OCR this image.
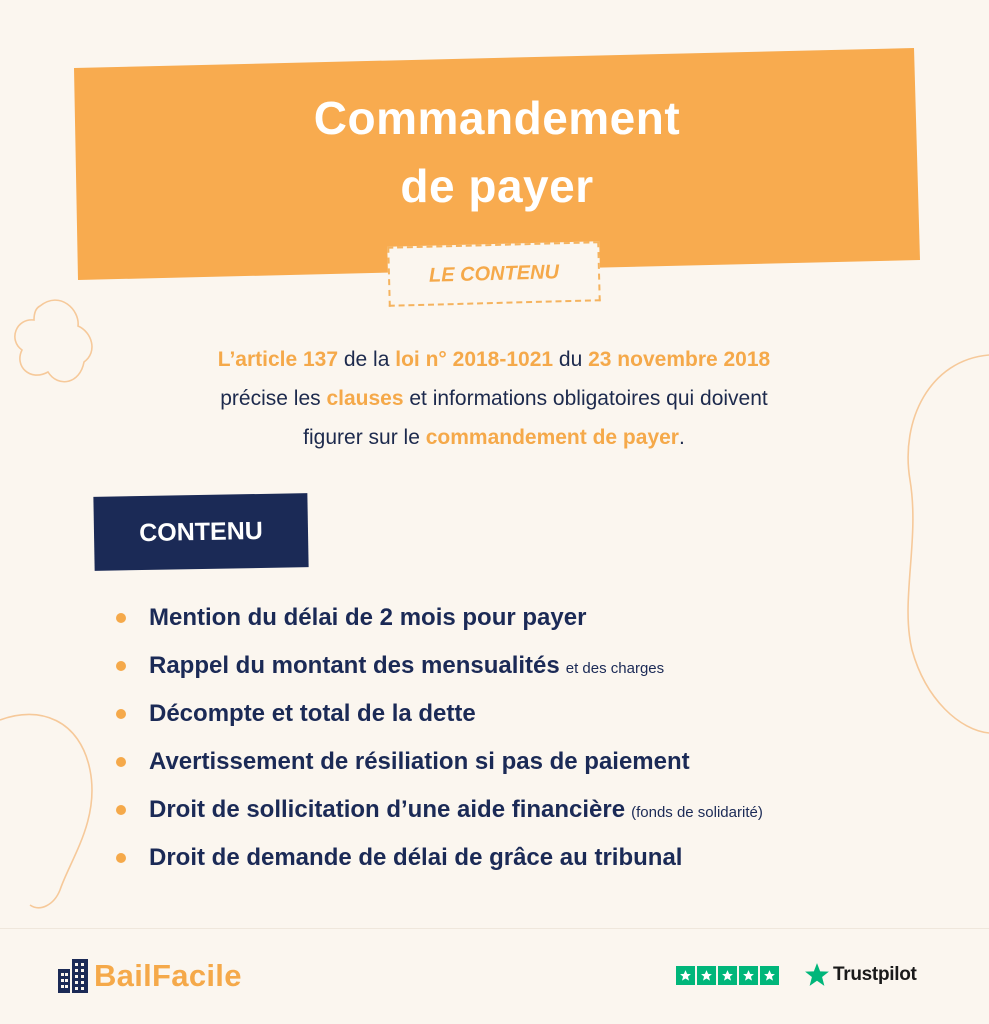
Commandement
de payer
LE CONTENU
L’article 137 de la loi n° 2018-1021 du 23 novembre 2018
précise les clauses et informations obligatoires qui doivent
figurer sur le commandement de payer.
CONTENU
Mention du délai de 2 mois pour payer
Rappel du montant des mensualités et des charges
Décompte et total de la dette
Avertissement de résiliation si pas de paiement
Droit de sollicitation d’une aide financière (fonds de solidarité)
Droit de demande de délai de grâce au tribunal
BailFacile	Trustpilot
